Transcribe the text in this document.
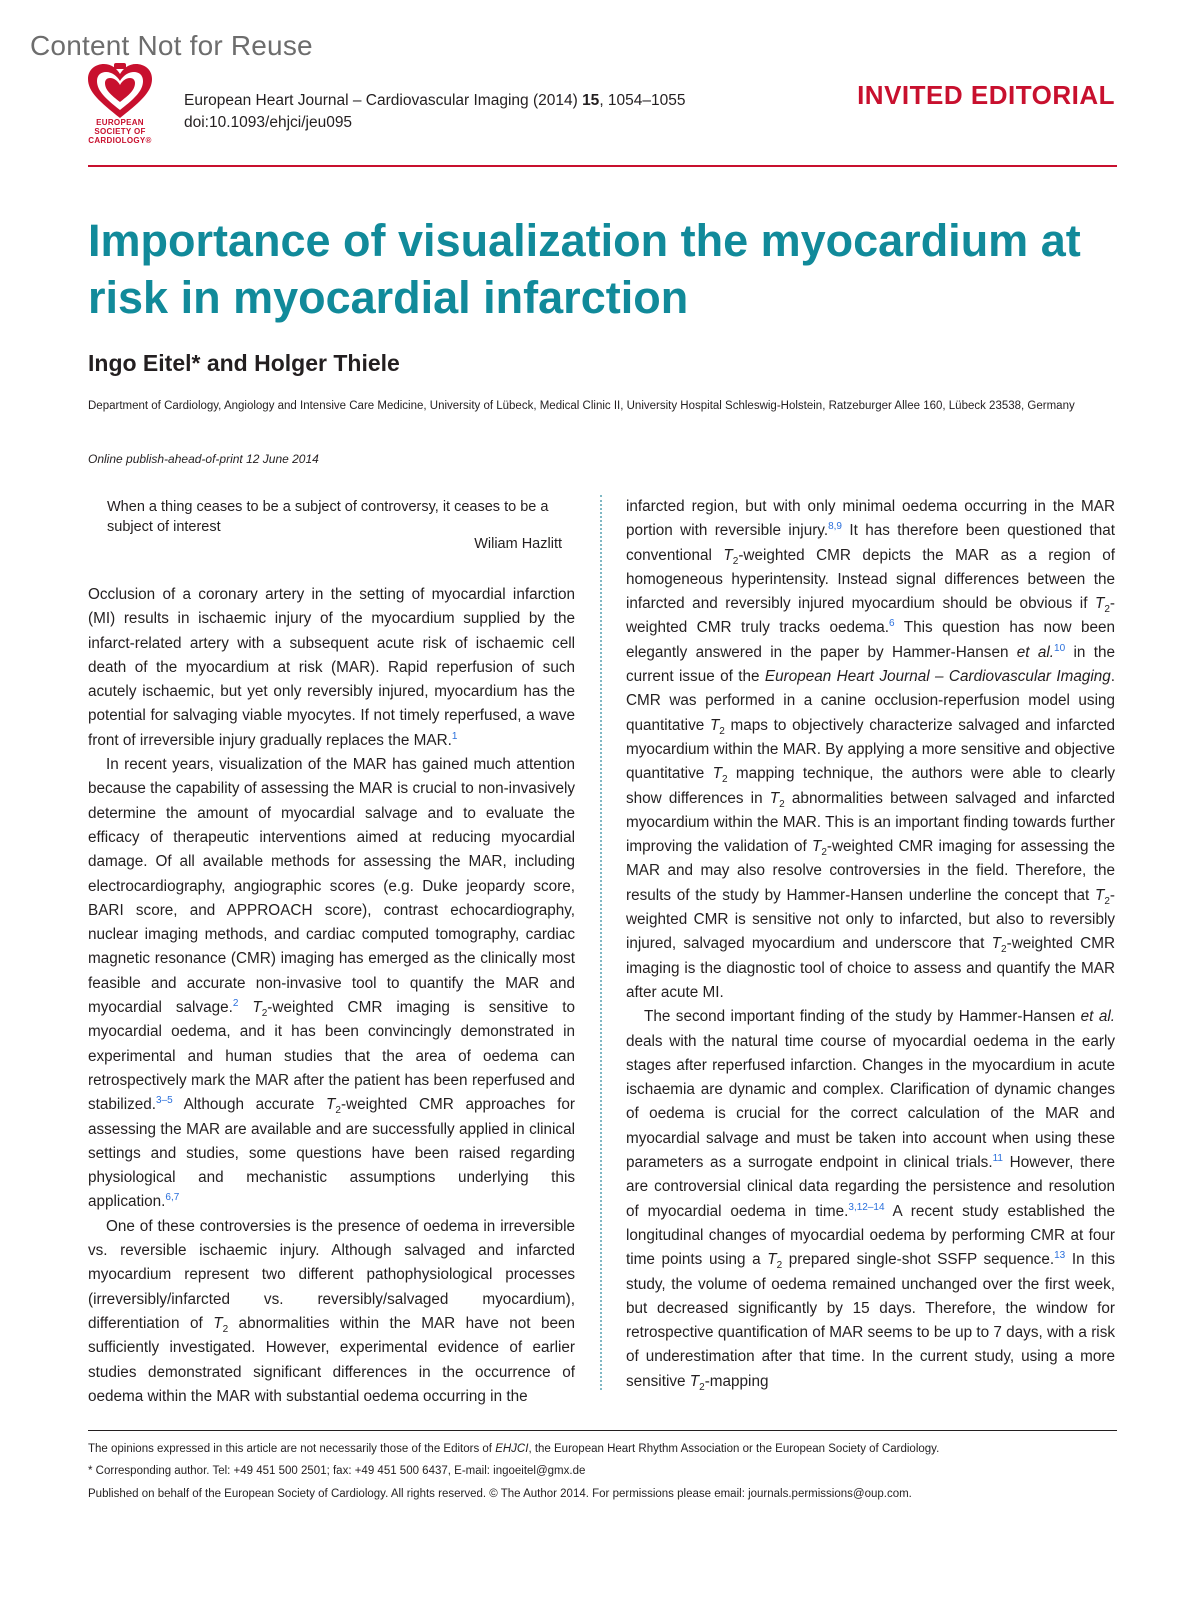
Content Not for Reuse
EUROPEAN
SOCIETY OF
CARDIOLOGY®
European Heart Journal – Cardiovascular Imaging (2014) 15, 1054–1055
doi:10.1093/ehjci/jeu095
INVITED EDITORIAL
Importance of visualization the myocardium at risk in myocardial infarction
Ingo Eitel* and Holger Thiele
Department of Cardiology, Angiology and Intensive Care Medicine, University of Lübeck, Medical Clinic II, University Hospital Schleswig-Holstein, Ratzeburger Allee 160, Lübeck 23538, Germany
Online publish-ahead-of-print 12 June 2014
When a thing ceases to be a subject of controversy, it ceases to be a subject of interest
Wiliam Hazlitt

Occlusion of a coronary artery in the setting of myocardial infarction (MI) results in ischaemic injury of the myocardium supplied by the infarct-related artery with a subsequent acute risk of ischaemic cell death of the myocardium at risk (MAR). Rapid reperfusion of such acutely ischaemic, but yet only reversibly injured, myocardium has the potential for salvaging viable myocytes. If not timely reperfused, a wave front of irreversible injury gradually replaces the MAR.$^1$

In recent years, visualization of the MAR has gained much attention because the capability of assessing the MAR is crucial to non-invasively determine the amount of myocardial salvage and to evaluate the efficacy of therapeutic interventions aimed at reducing myocardial damage. Of all available methods for assessing the MAR, including electrocardiography, angiographic scores (e.g. Duke jeopardy score, BARI score, and APPROACH score), contrast echocardiography, nuclear imaging methods, and cardiac computed tomography, cardiac magnetic resonance (CMR) imaging has emerged as the clinically most feasible and accurate non-invasive tool to quantify the MAR and myocardial salvage.$^2$ $T_2$-weighted CMR imaging is sensitive to myocardial oedema, and it has been convincingly demonstrated in experimental and human studies that the area of oedema can retrospectively mark the MAR after the patient has been reperfused and stabilized.$^{3-5}$ Although accurate $T_2$-weighted CMR approaches for assessing the MAR are available and are successfully applied in clinical settings and studies, some questions have been raised regarding physiological and mechanistic assumptions underlying this application.$^{6,7}$

One of these controversies is the presence of oedema in irreversible vs. reversible ischaemic injury. Although salvaged and infarcted myocardium represent two different pathophysiological processes (irreversibly/infarcted vs. reversibly/salvaged myocardium), differentiation of $T_2$ abnormalities within the MAR have not been sufficiently investigated. However, experimental evidence of earlier studies demonstrated significant differences in the occurrence of oedema within the MAR with substantial oedema occurring in the

infarcted region, but with only minimal oedema occurring in the MAR portion with reversible injury.$^{8,9}$ It has therefore been questioned that conventional $T_2$-weighted CMR depicts the MAR as a region of homogeneous hyperintensity. Instead signal differences between the infarcted and reversibly injured myocardium should be obvious if $T_2$-weighted CMR truly tracks oedema.$^6$ This question has now been elegantly answered in the paper by Hammer-Hansen et al.$^{10}$ in the current issue of the European Heart Journal – Cardiovascular Imaging. CMR was performed in a canine occlusion-reperfusion model using quantitative $T_2$ maps to objectively characterize salvaged and infarcted myocardium within the MAR. By applying a more sensitive and objective quantitative $T_2$ mapping technique, the authors were able to clearly show differences in $T_2$ abnormalities between salvaged and infarcted myocardium within the MAR. This is an important finding towards further improving the validation of $T_2$-weighted CMR imaging for assessing the MAR and may also resolve controversies in the field. Therefore, the results of the study by Hammer-Hansen underline the concept that $T_2$-weighted CMR is sensitive not only to infarcted, but also to reversibly injured, salvaged myocardium and underscore that $T_2$-weighted CMR imaging is the diagnostic tool of choice to assess and quantify the MAR after acute MI.

The second important finding of the study by Hammer-Hansen et al. deals with the natural time course of myocardial oedema in the early stages after reperfused infarction. Changes in the myocardium in acute ischaemia are dynamic and complex. Clarification of dynamic changes of oedema is crucial for the correct calculation of the MAR and myocardial salvage and must be taken into account when using these parameters as a surrogate endpoint in clinical trials.$^{11}$ However, there are controversial clinical data regarding the persistence and resolution of myocardial oedema in time.$^{3,12-14}$ A recent study established the longitudinal changes of myocardial oedema by performing CMR at four time points using a $T_2$ prepared single-shot SSFP sequence.$^{13}$ In this study, the volume of oedema remained unchanged over the first week, but decreased significantly by 15 days. Therefore, the window for retrospective quantification of MAR seems to be up to 7 days, with a risk of underestimation after that time. In the current study, using a more sensitive $T_2$-mapping

The opinions expressed in this article are not necessarily those of the Editors of EHJCI, the European Heart Rhythm Association or the European Society of Cardiology.
* Corresponding author. Tel: +49 451 500 2501; fax: +49 451 500 6437, E-mail: ingoeitel@gmx.de
Published on behalf of the European Society of Cardiology. All rights reserved. © The Author 2014. For permissions please email: journals.permissions@oup.com.
